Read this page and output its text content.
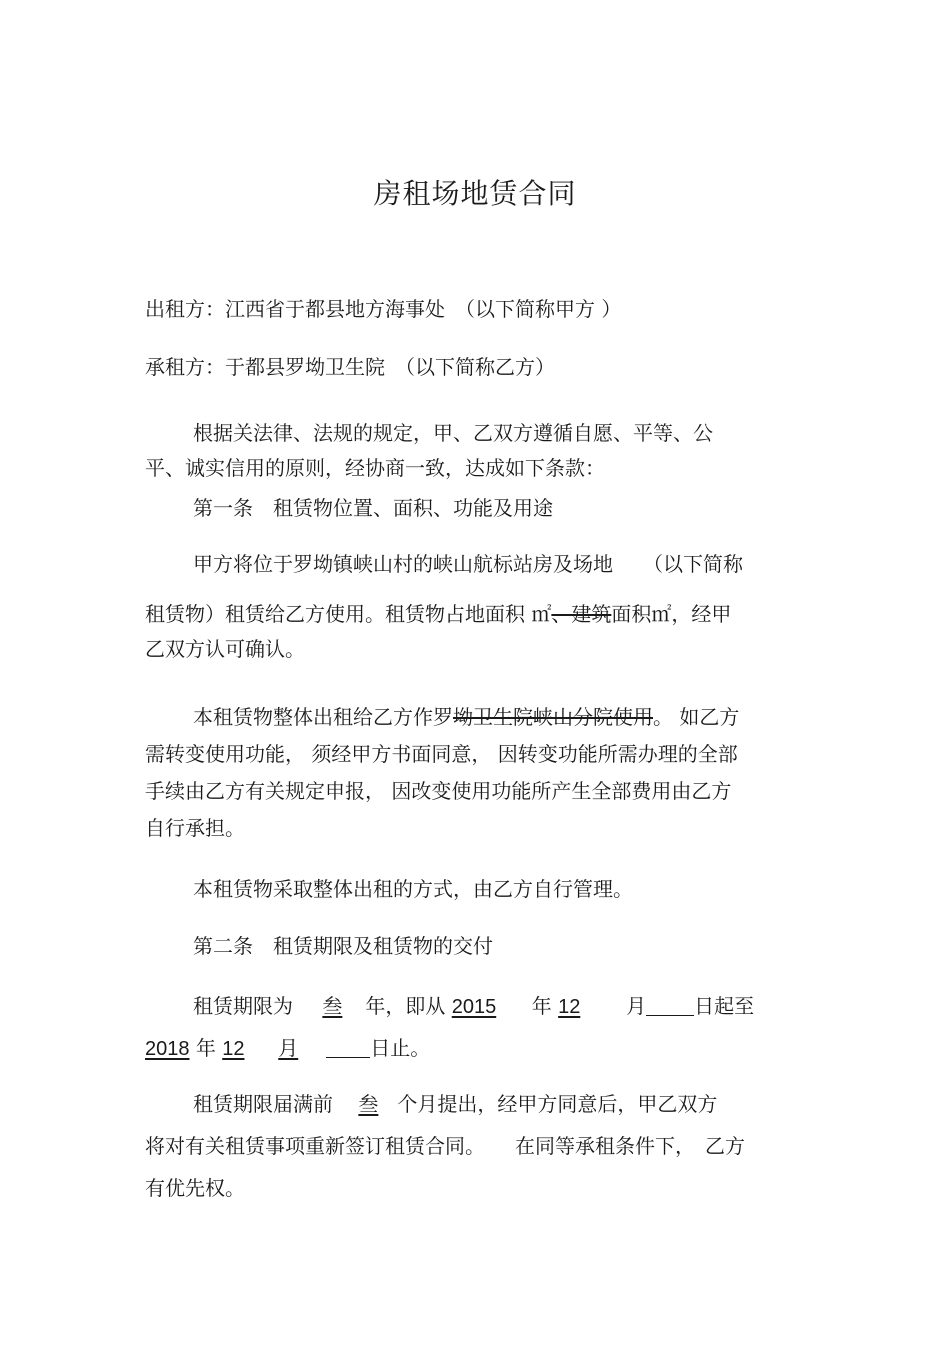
房租场地赁合同
出租方：江西省于都县地方海事处　（以下简称甲方 ）
承租方：于都县罗坳卫生院　（以下简称乙方）
根据关法律、法规的规定，甲、乙双方遵循自愿、平等、公
平、诚实信用的原则，经协商一致，达成如下条款：
第一条　租赁物位置、面积、功能及用途
甲方将位于罗坳镇峡山村的峡山航标站房及场地　　（以下简称
租赁物）租赁给乙方使用。租赁物占地面积 ㎡、建筑面积㎡，经甲
乙双方认可确认。
本租赁物整体出租给乙方作罗坳卫生院峡山分院使用。 如乙方
需转变使用功能， 须经甲方书面同意， 因转变功能所需办理的全部
手续由乙方有关规定申报， 因改变使用功能所产生全部费用由乙方
自行承担。
本租赁物采取整体出租的方式，由乙方自行管理。
第二条　租赁期限及租赁物的交付
租赁期限为 叁 年，即从 2015 年 12 月 日起至
2018 年 12 月	日止。
租赁期限届满前 叁 个月提出，经甲方同意后，甲乙双方
将对有关租赁事项重新签订租赁合同。　　在同等承租条件下，　乙方
有优先权。
